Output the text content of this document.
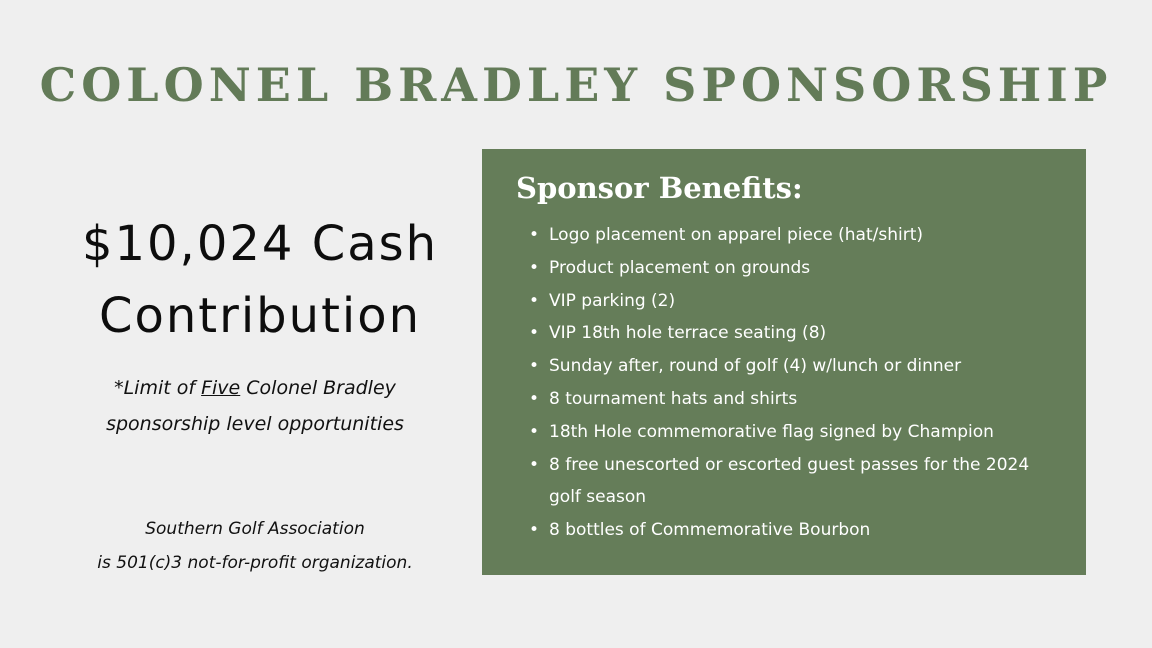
COLONEL BRADLEY SPONSORSHIP
$10,024 Cash
Contribution
*Limit of Five Colonel Bradley
sponsorship level opportunities
Southern Golf Association
is 501(c)3 not-for-profit organization.
Sponsor Benefits:
• Logo placement on apparel piece (hat/shirt)
• Product placement on grounds
• VIP parking (2)
• VIP 18th hole terrace seating (8)
• Sunday after, round of golf (4) w/lunch or dinner
• 8 tournament hats and shirts
• 18th Hole commemorative flag signed by Champion
• 8 free unescorted or escorted guest passes for the 2024 golf season
• 8 bottles of Commemorative Bourbon
